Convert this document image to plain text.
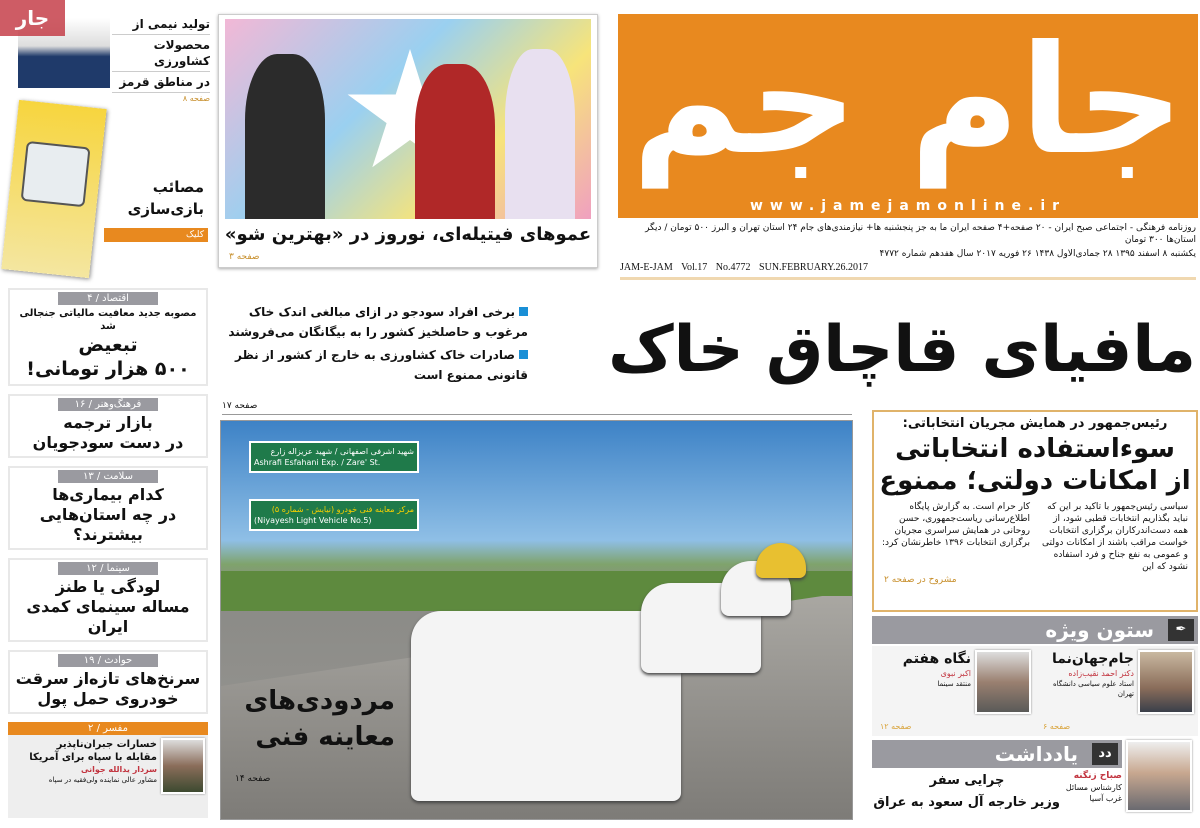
جام جم
www.jamejamonline.ir
روزنامه فرهنگی - اجتماعی صبح ایران - ۲۰ صفحه+۴ صفحه ایران ما به جز پنجشنبه ها+ نیازمندی‌های جام ۲۴ استان تهران و البرز ۵۰۰ تومان / دیگر استان‌ها ۳۰۰ تومان
یکشنبه ۸ اسفند ۱۳۹۵ ۲۸ جمادی‌الاول ۱۴۳۸ ۲۶ فوریه ۲۰۱۷ سال هفدهم شماره ۴۷۷۲
JAM-E-JAM Vol.17 No.4772 SUN.FEBRUARY.26.2017
جار	تولید نیمی از
محصولات کشاورزی
در مناطق قرمز
صفحه ۸
مصائب
بازی‌سازی
کلیک عموهای فیتیله‌ای، نوروز در «بهترین شو»
صفحه ۳
مافیای قاچاق خاک
برخی افراد سودجو در ازای مبالغی اندک خاک مرغوب و حاصلخیز کشور را به بیگانگان می‌فروشند
صادرات خاک کشاورزی به خارج از کشور از نظر قانونی ممنوع است
صفحه ۱۷
اقتصاد / ۴
مصوبه جدید معافیت مالیاتی جنجالی شد
تبعیض
۵۰۰ هزار تومانی!
فرهنگ‌وهنر / ۱۶
بازار ترجمه
در دست سودجویان
سلامت / ۱۳
کدام بیماری‌ها
در چه استان‌هایی بیشترند؟
سینما / ۱۲
لودگی یا طنز
مساله سینمای کمدی ایران
حوادث / ۱۹
سرنخ‌های تازه‌از سرقت
خودروی حمل پول
مفسر / ۲
خسارات جبران‌ناپذیر
مقابله با سپاه برای آمریکا
سردار یدالله جوانی
مشاور عالی نماینده ولی‌فقیه در سپاه
شهید اشرفی اصفهانی / شهید عزیزاله زارع
Ashrafi Esfahani Exp. / Zare' St.
مرکز معاینه فنی خودرو (نیایش - شماره ۵)
(Niyayesh Light Vehicle No.5)
مردودی‌های
معاینه فنی
صفحه ۱۴
رئیس‌جمهور در همایش مجریان انتخاباتی:
سوءاستفاده انتخاباتی
از امکانات دولتی؛ ممنوع
سیاسی رئیس‌جمهور با تاکید بر این که نباید بگذاریم انتخابات قطبی شود، از همه دست‌اندرکاران برگزاری انتخابات خواست مراقب باشند از امکانات دولتی و عمومی به نفع جناح و فرد استفاده نشود که این
کار حرام است. به گزارش پایگاه اطلاع‌رسانی ریاست‌جمهوری، حسن روحانی در همایش سراسری مجریان برگزاری انتخابات ۱۳۹۶ خاطرنشان کرد:
مشروح در صفحه ۲
ستون ویژه	✒
جام‌جهان‌نما
دکتر احمد نقیب‌زاده
استاد علوم سیاسی دانشگاه تهران
صفحه ۶
نگاه هفتم
اکبر نبوی
منتقد سینما
صفحه ۱۲
یادداشت	دد
صباح زنگنه
کارشناس مسائل
غرب آسیا
چرایی سفر
وزیر خارجه آل سعود به عراق
